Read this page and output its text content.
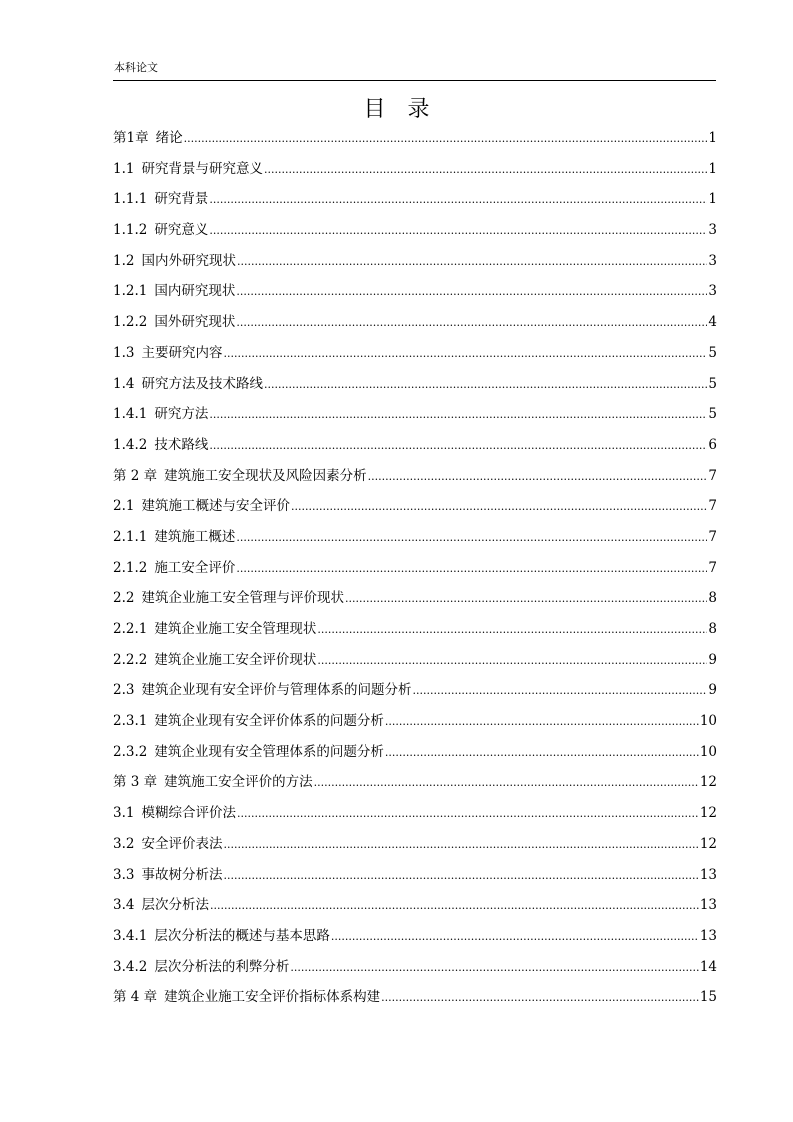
本科论文
目　录
第1章 绪论 .....	1
1.1 研究背景与研究意义 .....	1
1.1.1 研究背景 .....	1
1.1.2 研究意义 .....	3
1.2 国内外研究现状 .....	3
1.2.1 国内研究现状 .....	3
1.2.2 国外研究现状 .....	4
1.3 主要研究内容 .....	5
1.4 研究方法及技术路线 .....	5
1.4.1 研究方法 .....	5
1.4.2 技术路线 .....	6
第 2 章 建筑施工安全现状及风险因素分析 .....	7
2.1 建筑施工概述与安全评价 .....	7
2.1.1 建筑施工概述 .....	7
2.1.2 施工安全评价 .....	7
2.2 建筑企业施工安全管理与评价现状 .....	8
2.2.1 建筑企业施工安全管理现状 .....	8
2.2.2 建筑企业施工安全评价现状 .....	9
2.3 建筑企业现有安全评价与管理体系的问题分析 .....	9
2.3.1 建筑企业现有安全评价体系的问题分析 .....	10
2.3.2 建筑企业现有安全管理体系的问题分析 .....	10
第 3 章 建筑施工安全评价的方法 .....	12
3.1 模糊综合评价法 .....	12
3.2 安全评价表法 .....	12
3.3 事故树分析法 .....	13
3.4 层次分析法 .....	13
3.4.1 层次分析法的概述与基本思路 .....	13
3.4.2 层次分析法的利弊分析 .....	14
第 4 章 建筑企业施工安全评价指标体系构建 .....	15
